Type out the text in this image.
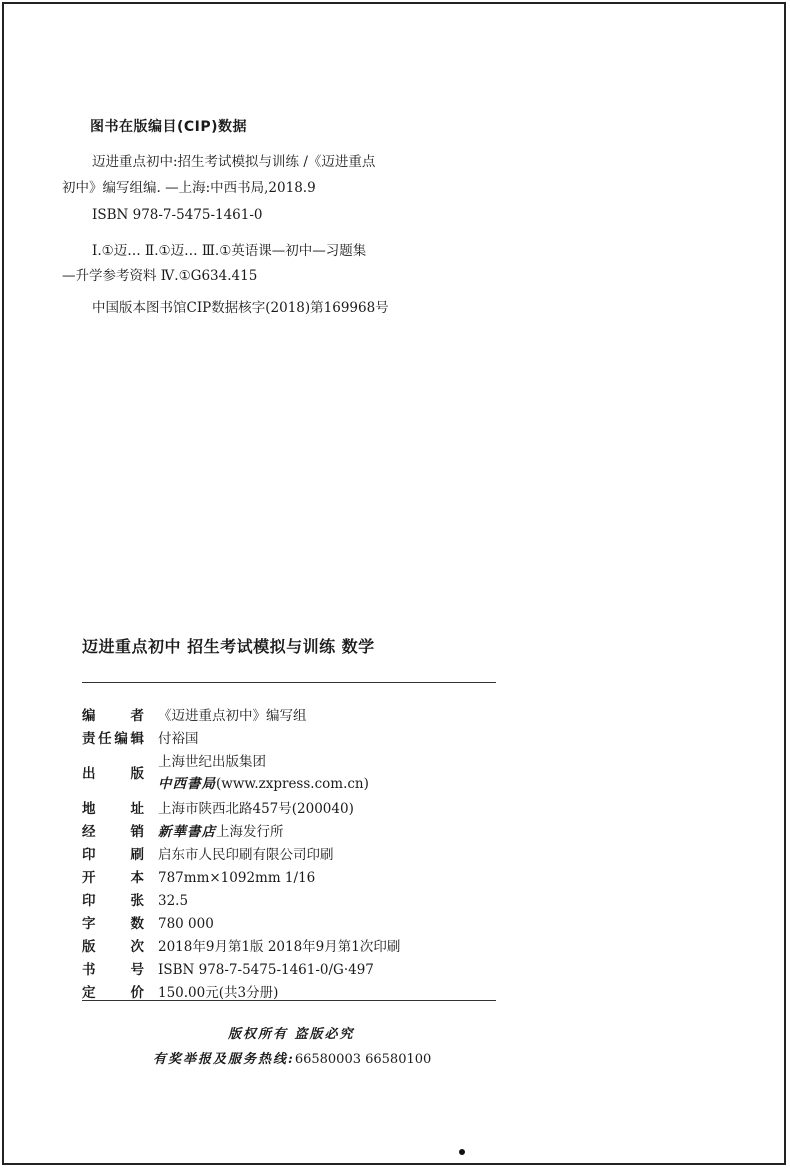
图书在版编目(CIP)数据
迈进重点初中:招生考试模拟与训练 /《迈进重点
初中》编写组编. —上海:中西书局,2018.9
ISBN 978-7-5475-1461-0
Ⅰ.①迈… Ⅱ.①迈… Ⅲ.①英语课—初中—习题集
—升学参考资料 Ⅳ.①G634.415
中国版本图书馆CIP数据核字(2018)第169968号
迈进重点初中 招生考试模拟与训练 数学
编	者 《迈进重点初中》编写组
责 任 编 辑 付裕国
出	版
上海世纪出版集团
中西書局(www.zxpress.com.cn)
地	址 上海市陕西北路457号(200040)
经	销 新華書店上海发行所
印	刷 启东市人民印刷有限公司印刷
开	本 787mm×1092mm 1/16
印	张 32.5
字	数 780 000
版	次 2018年9月第1版 2018年9月第1次印刷
书	号 ISBN 978-7-5475-1461-0/G·497
定	价 150.00元(共3分册)
版权所有 盗版必究
有奖举报及服务热线:66580003 66580100
